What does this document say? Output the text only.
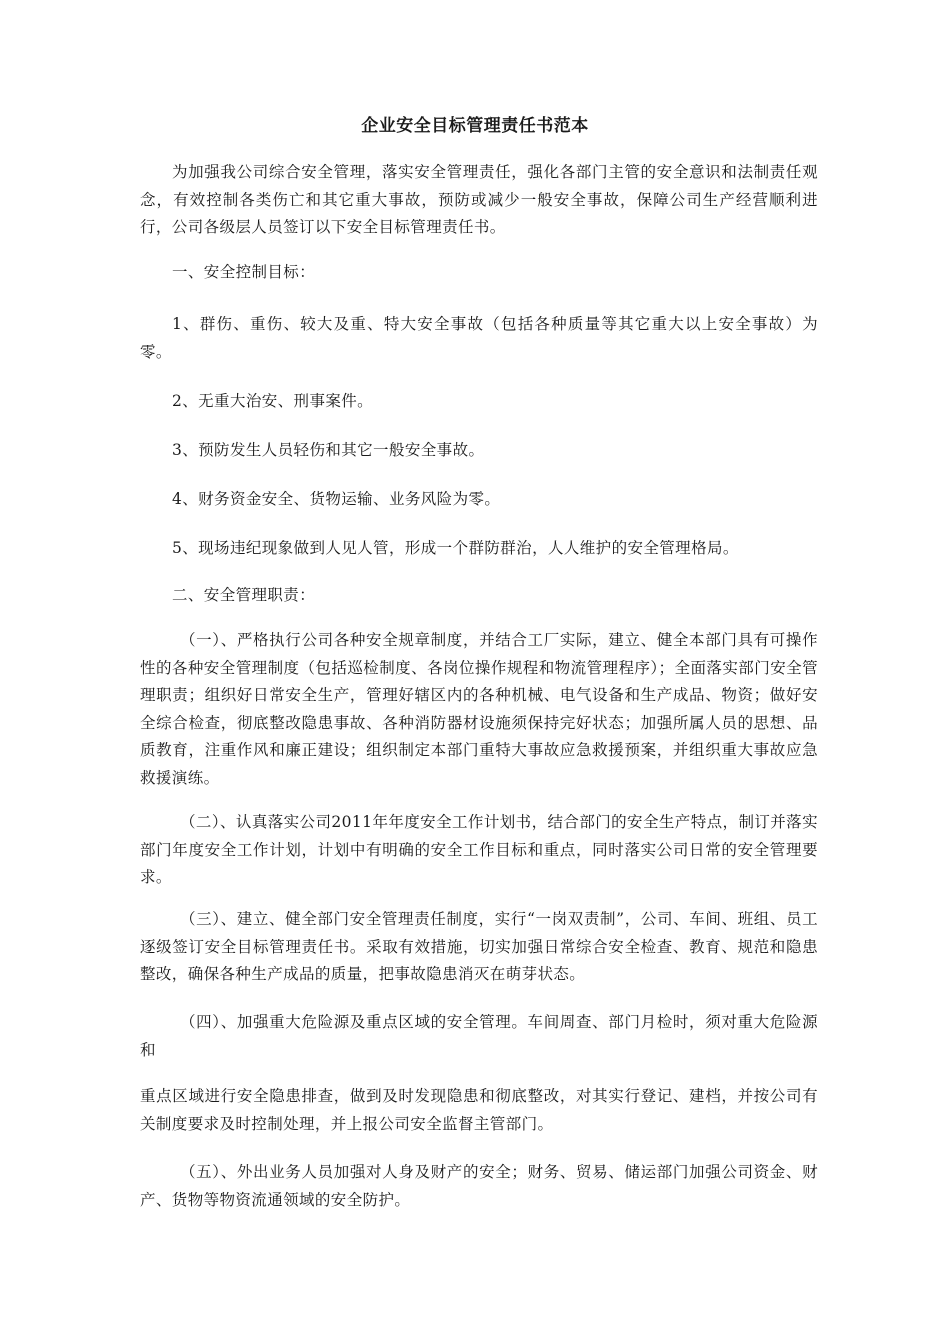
企业安全目标管理责任书范本

为加强我公司综合安全管理，落实安全管理责任，强化各部门主管的安全意识和法制责任观念，有效控制各类伤亡和其它重大事故，预防或减少一般安全事故，保障公司生产经营顺利进行，公司各级层人员签订以下安全目标管理责任书。

一、安全控制目标：

1、群伤、重伤、较大及重、特大安全事故（包括各种质量等其它重大以上安全事故）为零。

2、无重大治安、刑事案件。

3、预防发生人员轻伤和其它一般安全事故。

4、财务资金安全、货物运输、业务风险为零。

5、现场违纪现象做到人见人管，形成一个群防群治，人人维护的安全管理格局。

二、安全管理职责：

（一）、严格执行公司各种安全规章制度，并结合工厂实际，建立、健全本部门具有可操作性的各种安全管理制度（包括巡检制度、各岗位操作规程和物流管理程序）；全面落实部门安全管理职责；组织好日常安全生产，管理好辖区内的各种机械、电气设备和生产成品、物资；做好安全综合检查，彻底整改隐患事故、各种消防器材设施须保持完好状态；加强所属人员的思想、品质教育，注重作风和廉正建设；组织制定本部门重特大事故应急救援预案，并组织重大事故应急救援演练。

（二）、认真落实公司2011年年度安全工作计划书，结合部门的安全生产特点，制订并落实部门年度安全工作计划，计划中有明确的安全工作目标和重点，同时落实公司日常的安全管理要求。

（三）、建立、健全部门安全管理责任制度，实行“一岗双责制”，公司、车间、班组、员工逐级签订安全目标管理责任书。采取有效措施，切实加强日常综合安全检查、教育、规范和隐患整改，确保各种生产成品的质量，把事故隐患消灭在萌芽状态。

（四）、加强重大危险源及重点区域的安全管理。车间周查、部门月检时，须对重大危险源和

重点区域进行安全隐患排查，做到及时发现隐患和彻底整改，对其实行登记、建档，并按公司有关制度要求及时控制处理，并上报公司安全监督主管部门。

（五）、外出业务人员加强对人身及财产的安全；财务、贸易、储运部门加强公司资金、财产、货物等物资流通领域的安全防护。
